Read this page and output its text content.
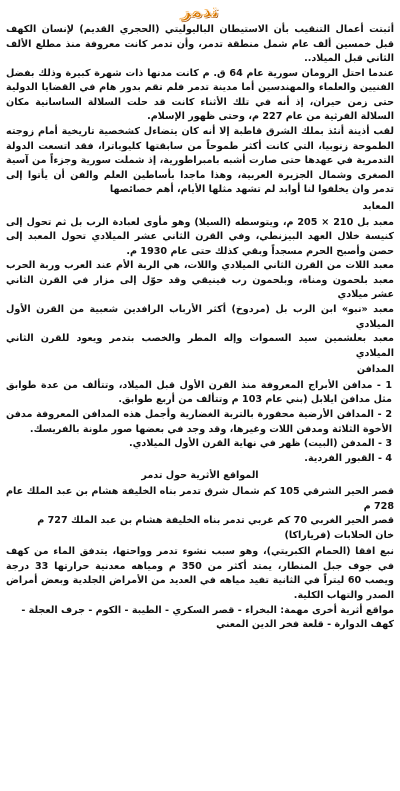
تدمر

أثبتت أعمال التنقيب بأن الاستيطان الباليوليتي (الحجري القديم) لإنسان الكهف قبل خمسين ألف عام شمل منطقة تدمر، وأن تدمر كانت معروفة منذ مطلع الألف الثاني قبل الميلاد..

عندما احتل الرومان سورية عام 64 ق. م كانت مدنها ذات شهرة كبيرة وذلك بفضل الفنيين والعلماء والمهندسين أما مدينة تدمر فلم تقم بدور هام في القضايا الدولية حتى زمن حيران، إذ أنه في تلك الأثناء كانت قد حلت السلالة الساسانية مكان السلالة الفرثية من عام 227 م، وحتى ظهور الإسلام.

لقب أذينة أنئذ بملك الشرق قاطبة إلا أنه كان يتضاءل كشخصية تاريخية أمام زوجته الطموحة زنوبيا، التي كانت أكثر طموحاً من سابقتها كليوباترا، فقد اتسعت الدولة التدمرية في عهدها حتى صارت أشبه بامبراطورية، إذ شملت سورية وجزءاً من آسية الصغرى وشمال الجزيرة العربية، وهذا ماجدا بأساطين العلم والفن أن يأتوا إلى تدمر وان يخلفوا لنا أوابد لم تشهد مثلها الأيام، أهم خصائصها

المعابد

معبد بل 210 × 205 م، ويتوسطه (السيلا) وهو مأوى لعبادة الرب بل ثم تحول إلى كنيسة خلال العهد البيزنطي، وفي القرن الثاني عشر الميلادي تحول المعبد إلى حصن وأصبح الحرم مسجداً وبقي كذلك حتى عام 1930 م.

معبد اللات من القرن الثاني الميلادي واللات، هي الربة الأم عند العرب وربة الحرب معبد بلحمون ومناة، وبلحمون رب فينيقي وقد حوّل إلى مزار في القرن الثاني عشر ميلادي

معبد «نبو» ابن الرب بل (مردوخ) أكثر الأرباب الرافدين شعبية من القرن الأول الميلادي

معبد بعلشمين سيد السموات وإله المطر والخصب بتدمر ويعود للقرن الثاني الميلادي

المدافن

1 - مدافن الأبراج المعروفة منذ القرن الأول قبل الميلاد، وتتألف من عدة طوابق مثل مدافن ايلابل (بني عام 103 م وتتألف من أربع طوابق.

2 - المدافن الأرضية محفورة بالتربة الغضارية وأجمل هذه المدافن المعروفة مدفن الأخوة الثلاثة ومدفن اللات وغيرها، وقد وجد في بعضها صور ملونة بالفريسك.

3 - المدفن (البيت) ظهر في نهاية القرن الأول الميلادي.

4 - القبور الفردية.

المواقع الأثرية حول تدمر

قصر الحير الشرقي 105 كم شمال شرق تدمر بناه الخليفة هشام بن عبد الملك عام 728 م

قصر الحير الغربي 70 كم غربي تدمر بناه الخليفة هشام بن عبد الملك 727 م

خان الحلابات (فرياراكا)

نبع افقا (الحمام الكبريتي)، وهو سبب نشوء تدمر وواحتها، يتدفق الماء من كهف في جوف جبل المنطار، يمتد أكثر من 350 م ومياهه معدنية حرارتها 33 درجة ويصب 60 ليتراً في الثانية تفيد مياهه في العديد من الأمراض الجلدية وبعض أمراض الصدر والتهاب الكلية.

مواقع أثرية أخرى مهمة: البخراء - قصر السكري - الطيبة - الكوم - جرف العجلة -

كهف الدوارة - قلعة فخر الدين المعني
